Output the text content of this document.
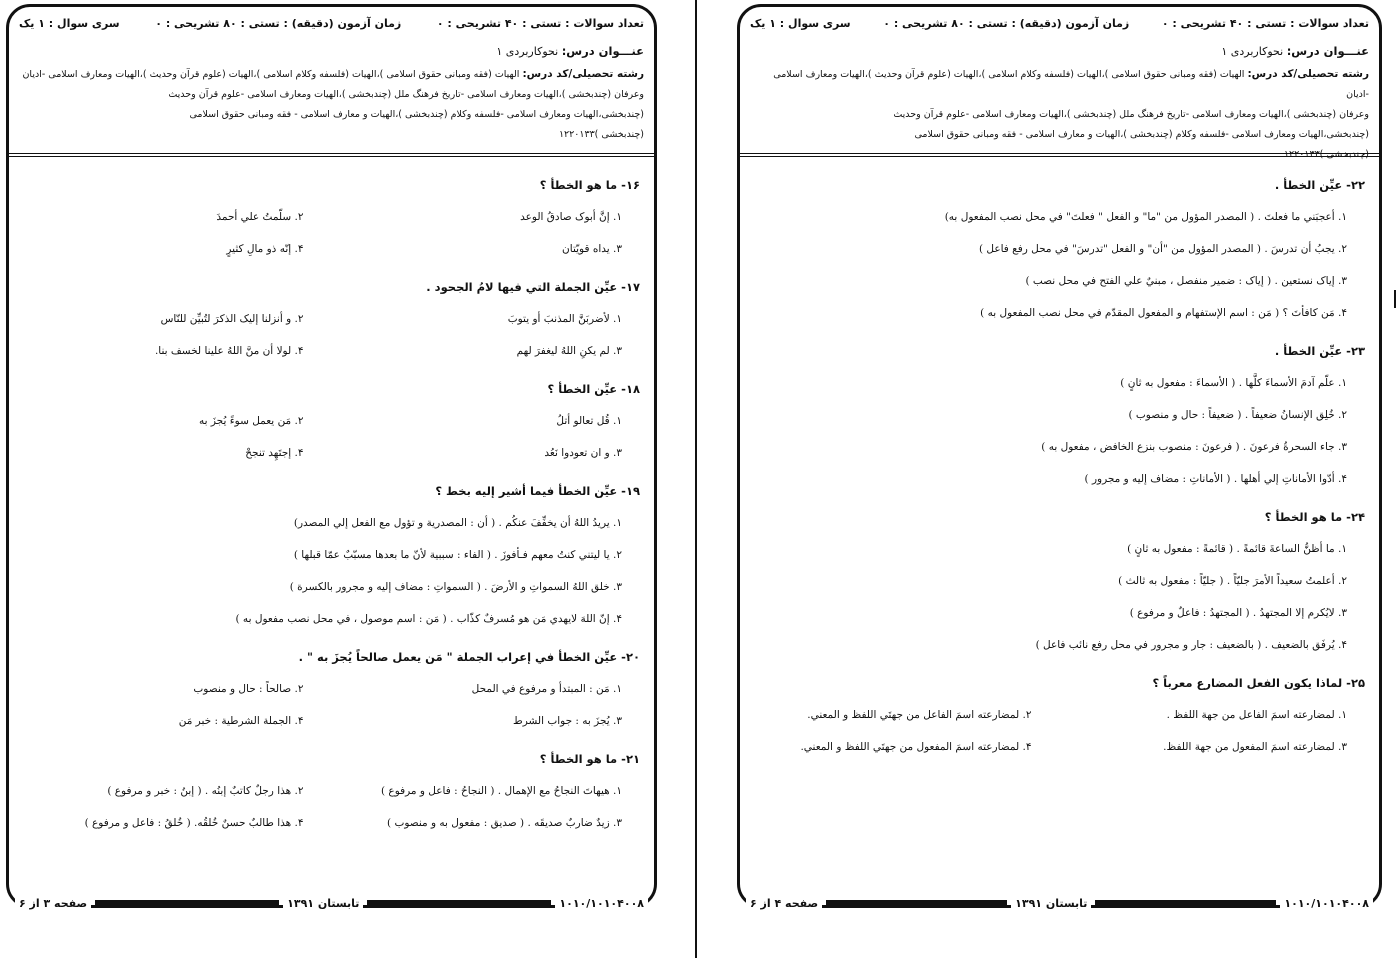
تعداد سوالات : تستی : ۴۰ تشریحی : ۰
زمان آزمون (دقیقه) : تستی : ۸۰ تشریحی : ۰
سری سوال : ۱ یک
عنـــوان درس: نحوکاربردی ۱
رشته تحصیلی/کد درس: الهیات (فقه ومبانی حقوق اسلامی )،الهیات (فلسفه وکلام اسلامی )،الهیات (علوم قرآن وحدیث )،الهیات ومعارف اسلامی -ادیان
وعرفان (چندبخشی )،الهیات ومعارف اسلامی -تاریخ فرهنگ ملل (چندبخشی )،الهیات ومعارف اسلامی -علوم قرآن وحدیث
(چندبخشی،الهیات ومعارف اسلامی -فلسفه وکلام (چندبخشی )،الهیات و معارف اسلامی - فقه ومبانی حقوق اسلامی
(چندبخشی )۱۲۲۰۱۳۳
۱۶- ما هو الخطأ ؟
۱. إنَّ أبوک صادقُ الوعد
۲. سلّمتُ علي أحمدَ
۳. یداه قویّتان
۴. إنّه ذو مالِ کثیرٍ
۱۷- عیِّن الجملة التي فیها لامُ الجحود .
۱. لأضربَنَّ المذنبَ أو یتوبَ
۲. و أنزلنا إلیک الذکرَ لتُبیِّن للنّاس
۳. لم یکنِ اللهُ لیغفرَ لهم
۴. لولا أن منَّ اللهُ علینا لخسف بنا.
۱۸- عیِّن الخطأ ؟
۱. قُل تعالو أتلُ
۲. مَن یعمل سوءً یُجزَ به
۳. و ان تعودوا نَعُد
۴. إجتَهِد تنجحْ
۱۹- عیِّن الخطأ فیما أشیر إلیه بخط ؟
۱. یریدُ اللهُ أن یخفِّفَ عنکُم . ( أن : المصدریة و تؤول مع الفعل إلي المصدر)
۲. یا لیتني کنتُ معهم فـأفوزَ . ( الفاء : سببیة لأنّ ما بعدها مسبّبٌ عمّا قبلها )
۳. خلق اللهُ السمواتِ و الأرضَ . ( السمواتِ : مضاف إلیه و مجرور بالکسرة )
۴. إنّ اللهَ لایهدي مَن هو مُسرفٌ کذّاب . ( مَن : اسم موصول ، في محل نصب مفعول به )
۲۰- عیِّن الخطأ في إعراب الجملة " مَن یعمل صالحاً یُجزَ به " .
۱. مَن : المبتدأ و مرفوع في المحل
۲. صالحاً : حال و منصوب
۳. یُجزَ به : جواب الشرط
۴. الجملة الشرطیة : خبر مَن
۲۱- ما هو الخطأ ؟
۱. هیهاتَ النجاحُ مع الإهمال . ( النجاحُ : فاعل و مرفوع )
۲. هذا رجلٌ کاتبٌ إبنُه . ( إبنُ : خبر و مرفوع )
۳. زیدٌ ضاربٌ صدیقَه . ( صدیق : مفعول به و منصوب )
۴. هذا طالبٌ حسنٌ خُلقُه. ( خُلقُ : فاعل و مرفوع )
۱۰۱۰/۱۰۱۰۴۰۰۸
تابستان ۱۳۹۱
صفحه ۳ از ۶
تعداد سوالات : تستی : ۴۰ تشریحی : ۰
زمان آزمون (دقیقه) : تستی : ۸۰ تشریحی : ۰
سری سوال : ۱ یک
عنـــوان درس: نحوکاربردی ۱
رشته تحصیلی/کد درس: الهیات (فقه ومبانی حقوق اسلامی )،الهیات (فلسفه وکلام اسلامی )،الهیات (علوم قرآن وحدیث )،الهیات ومعارف اسلامی -ادیان
وعرفان (چندبخشی )،الهیات ومعارف اسلامی -تاریخ فرهنگ ملل (چندبخشی )،الهیات ومعارف اسلامی -علوم قرآن وحدیث
(چندبخشی،الهیات ومعارف اسلامی -فلسفه وکلام (چندبخشی )،الهیات و معارف اسلامی - فقه ومبانی حقوق اسلامی
(چندبخشی )۱۲۲۰۱۳۳
۲۲- عیِّن الخطأ .
۱. أعجبَني ما فعلتَ . ( المصدر المؤول من "ما" و الفعل " فعلتَ" في محل نصب المفعول به)
۲. یجبُ أن تدرسَ . ( المصدر المؤول من "أن" و الفعل "تدرسَ" في محل رفع فاعل )
۳. إیاک نستعین . ( إیاک : ضمیر منفصل ، مبنيٌ علي الفتح في محل نصب )
۴. مَن کافأتَ ؟ ( مَن : اسم الإستفهام و المفعول المقدّم في محل نصب المفعول به )
۲۳- عیِّن الخطأ .
۱. علّم آدمَ الأسماءَ کلَّها . ( الأسماءَ : مفعول به ثانٍ )
۲. خُلِق الإنسانُ ضعیفاً . ( ضعیفاً : حال و منصوب )
۳. جاء السحرةُ فرعونَ . ( فرعونَ : منصوب بنزع الخافض ، مفعول به )
۴. أدّوا الأماناتِ إلي أهلها . ( الأماناتِ : مضاف إلیه و مجرور )
۲۴- ما هو الخطأ ؟
۱. ما أظنُّ الساعةَ قائمةً . ( قائمةً : مفعول به ثانٍ )
۲. أعلمتُ سعیداً الأمرَ جلیّاً . ( جلیّاً : مفعول به ثالث )
۳. لایُکرم إلا المجتهدُ . ( المجتهدُ : فاعلٌ و مرفوع )
۴. یُرفَق بالضعیف . ( بالضعیف : جار و مجرور في محل رفع نائب فاعل )
۲۵- لماذا یکون الفعل المضارع معرباً ؟
۱. لمضارعته اسمَ الفاعل من جهة اللفظ .
۲. لمضارعته اسمَ الفاعل من جهتَي اللفظ و المعني.
۳. لمضارعته اسمَ المفعول من جهة اللفظ.
۴. لمضارعته اسمَ المفعول من جهتَي اللفظ و المعني.
۱۰۱۰/۱۰۱۰۴۰۰۸
تابستان ۱۳۹۱
صفحه ۴ از ۶
